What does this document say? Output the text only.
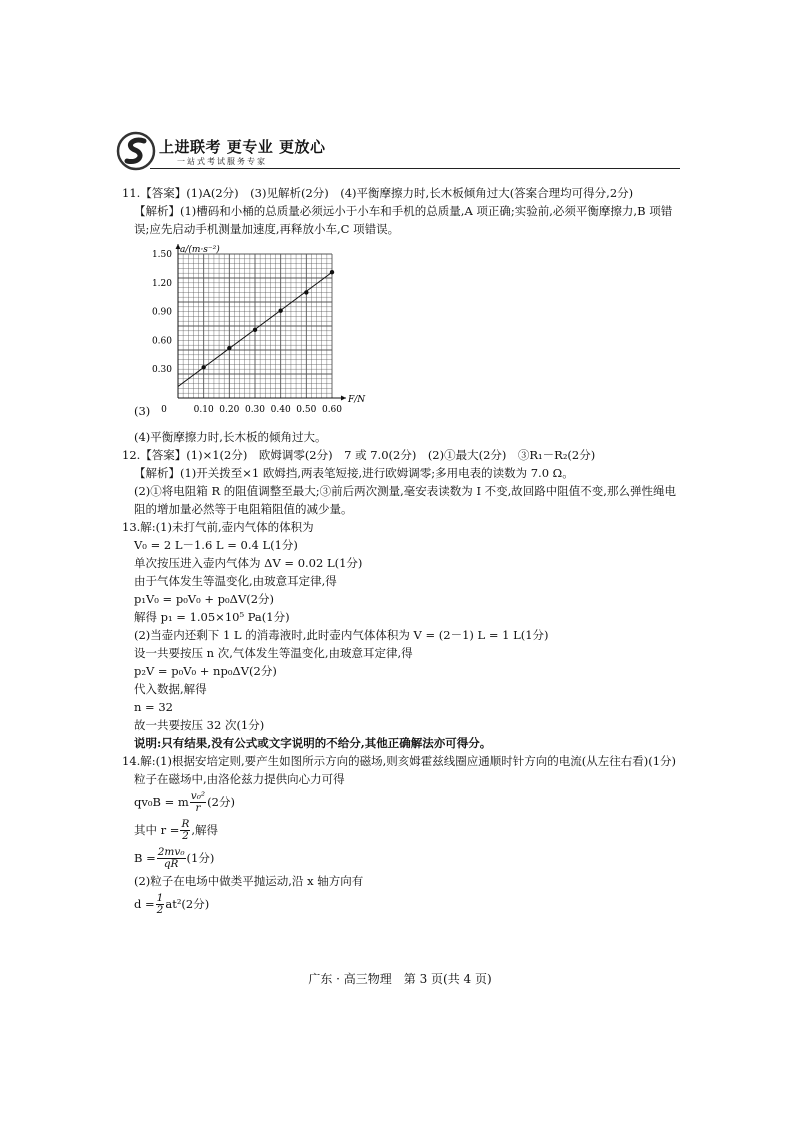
上进联考 更专业 更放心
一站式考试服务专家
11.【答案】(1)A(2分)　(3)见解析(2分)　(4)平衡摩擦力时,长木板倾角过大(答案合理均可得分,2分)
【解析】(1)槽码和小桶的总质量必须远小于小车和手机的总质量,A 项正确;实验前,必须平衡摩擦力,B 项错
误;应先启动手机测量加速度,再释放小车,C 项错误。
(3) 0	0.10 0.20 0.30 0.40 0.50 0.60
0.30
0.60
0.90
1.20
1.50 a/(m·s⁻²)
F/N
(4)平衡摩擦力时,长木板的倾角过大。
12.【答案】(1)×1(2分)　欧姆调零(2分)　7 或 7.0(2分)　(2)①最大(2分)　③R₁－R₂(2分)
【解析】(1)开关拨至×1 欧姆挡,两表笔短接,进行欧姆调零;多用电表的读数为 7.0 Ω。
(2)①将电阻箱 R 的阻值调整至最大;③前后两次测量,毫安表读数为 I 不变,故回路中阻值不变,那么弹性绳电
阻的增加量必然等于电阻箱阻值的减少量。
13.解:(1)未打气前,壶内气体的体积为
V₀ = 2 L－1.6 L = 0.4 L(1分)
单次按压进入壶内气体为 ΔV = 0.02 L(1分)
由于气体发生等温变化,由玻意耳定律,得
p₁V₀ = p₀V₀ + p₀ΔV(2分)
解得 p₁ = 1.05×10⁵ Pa(1分)
(2)当壶内还剩下 1 L 的消毒液时,此时壶内气体体积为 V = (2－1) L = 1 L(1分)
设一共要按压 n 次,气体发生等温变化,由玻意耳定律,得
p₂V = p₀V₀ + np₀ΔV(2分)
代入数据,解得
n = 32
故一共要按压 32 次(1分)
说明:只有结果,没有公式或文字说明的不给分,其他正确解法亦可得分。
14.解:(1)根据安培定则,要产生如图所示方向的磁场,则亥姆霍兹线圈应通顺时针方向的电流(从左往右看)(1分)
粒子在磁场中,由洛伦兹力提供向心力可得
qv₀B = m $\frac{\text{v₀²}}{r} (2$分)
其中 $r = \frac{R}{2}$ ,解得
$B = \frac{\text{2mv₀}}{qR} (1$分)
(2)粒子在电场中做类平抛运动,沿 x 轴方向有
$d = \frac{1}{2} at^2(2$分)
广东 · 高三物理　第 3 页(共 4 页)
